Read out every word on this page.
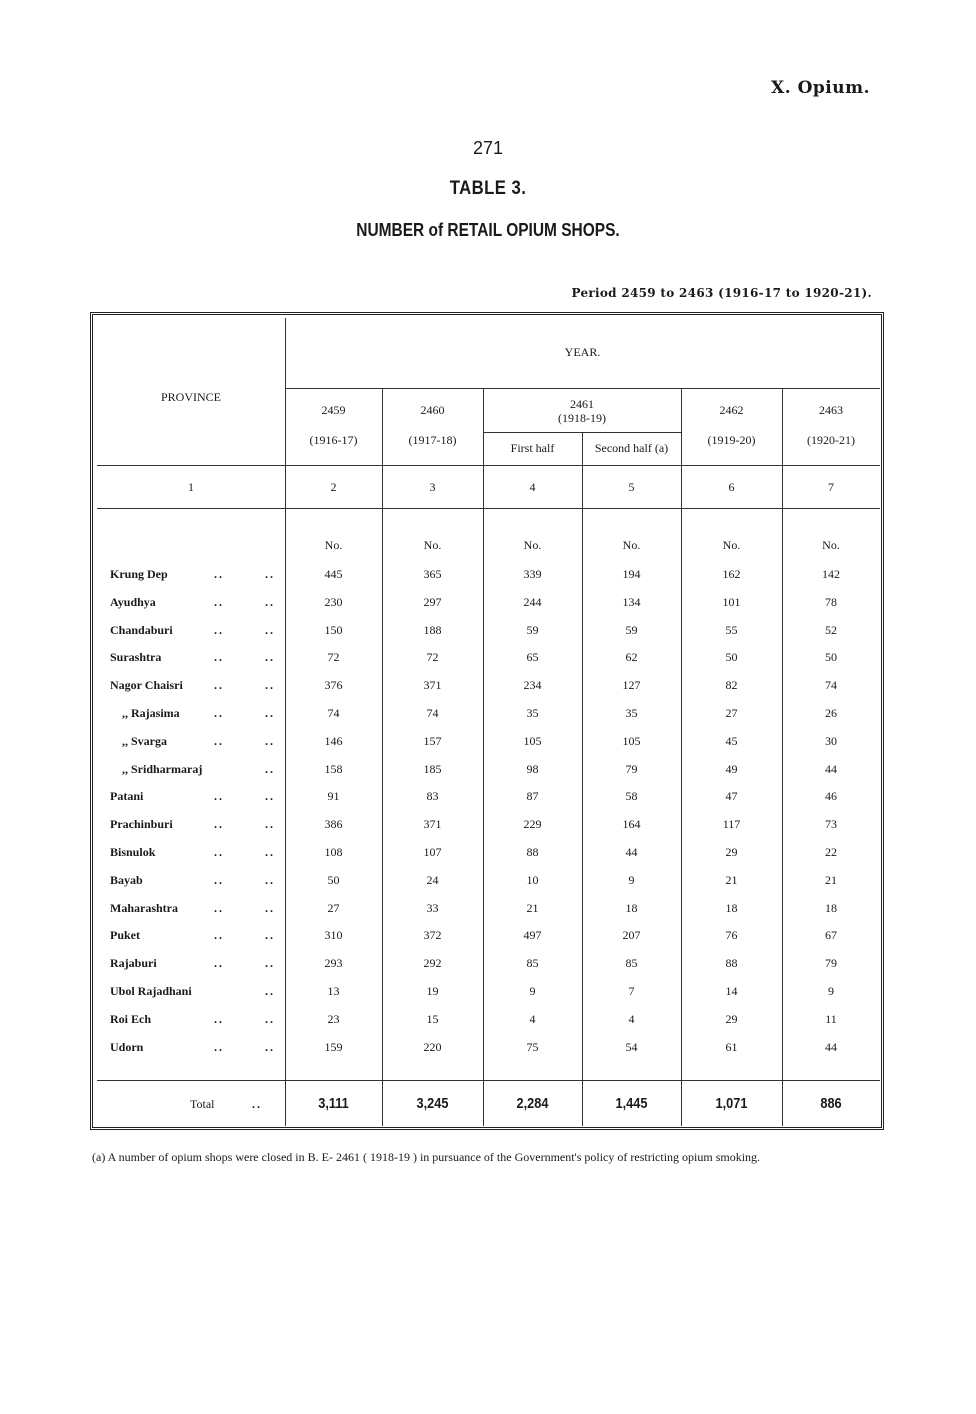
X. Opium.
271
TABLE 3.
NUMBER of RETAIL OPIUM SHOPS.
Period 2459 to 2463 (1916-17 to 1920-21).
PROVINCE
YEAR.
2459
(1916-17)
2460
(1917-18)
2461
(1918-19)
First half	Second half (a)
2462
(1919-20)
2463
(1920-21)
1	2	3	4	5	6	7
No.	No.	No.	No.	No.	No.
Krung Dep	..	..	445	365	339	194	162	142
Ayudhya	..	..	230	297	244	134	101	78
Chandaburi	..	..	150	188	59	59	55	52
Surashtra	..	..	72	72	65	62	50	50
Nagor Chaisri	..	..	376	371	234	127	82	74
,, Rajasima	..	..	74	74	35	35	27	26
,, Svarga	..	..	146	157	105	105	45	30
,, Sridharmaraj	..	158	185	98	79	49	44
Patani	..	..	91	83	87	58	47	46
Prachinburi	..	..	386	371	229	164	117	73
Bisnulok	..	..	108	107	88	44	29	22
Bayab	..	..	50	24	10	9	21	21
Maharashtra	..	..	27	33	21	18	18	18
Puket	..	..	310	372	497	207	76	67
Rajaburi	..	..	293	292	85	85	88	79
Ubol Rajadhani	..	13	19	9	7	14	9
Roi Ech	..	..	23	15	4	4	29	11
Udorn	..	..	159	220	75	54	61	44
Total	..	3,111	3,245	2,284	1,445	1,071	886
(a) A number of opium shops were closed in B. E- 2461 ( 1918-19 ) in pursuance of the Government's policy of restricting opium smoking.
